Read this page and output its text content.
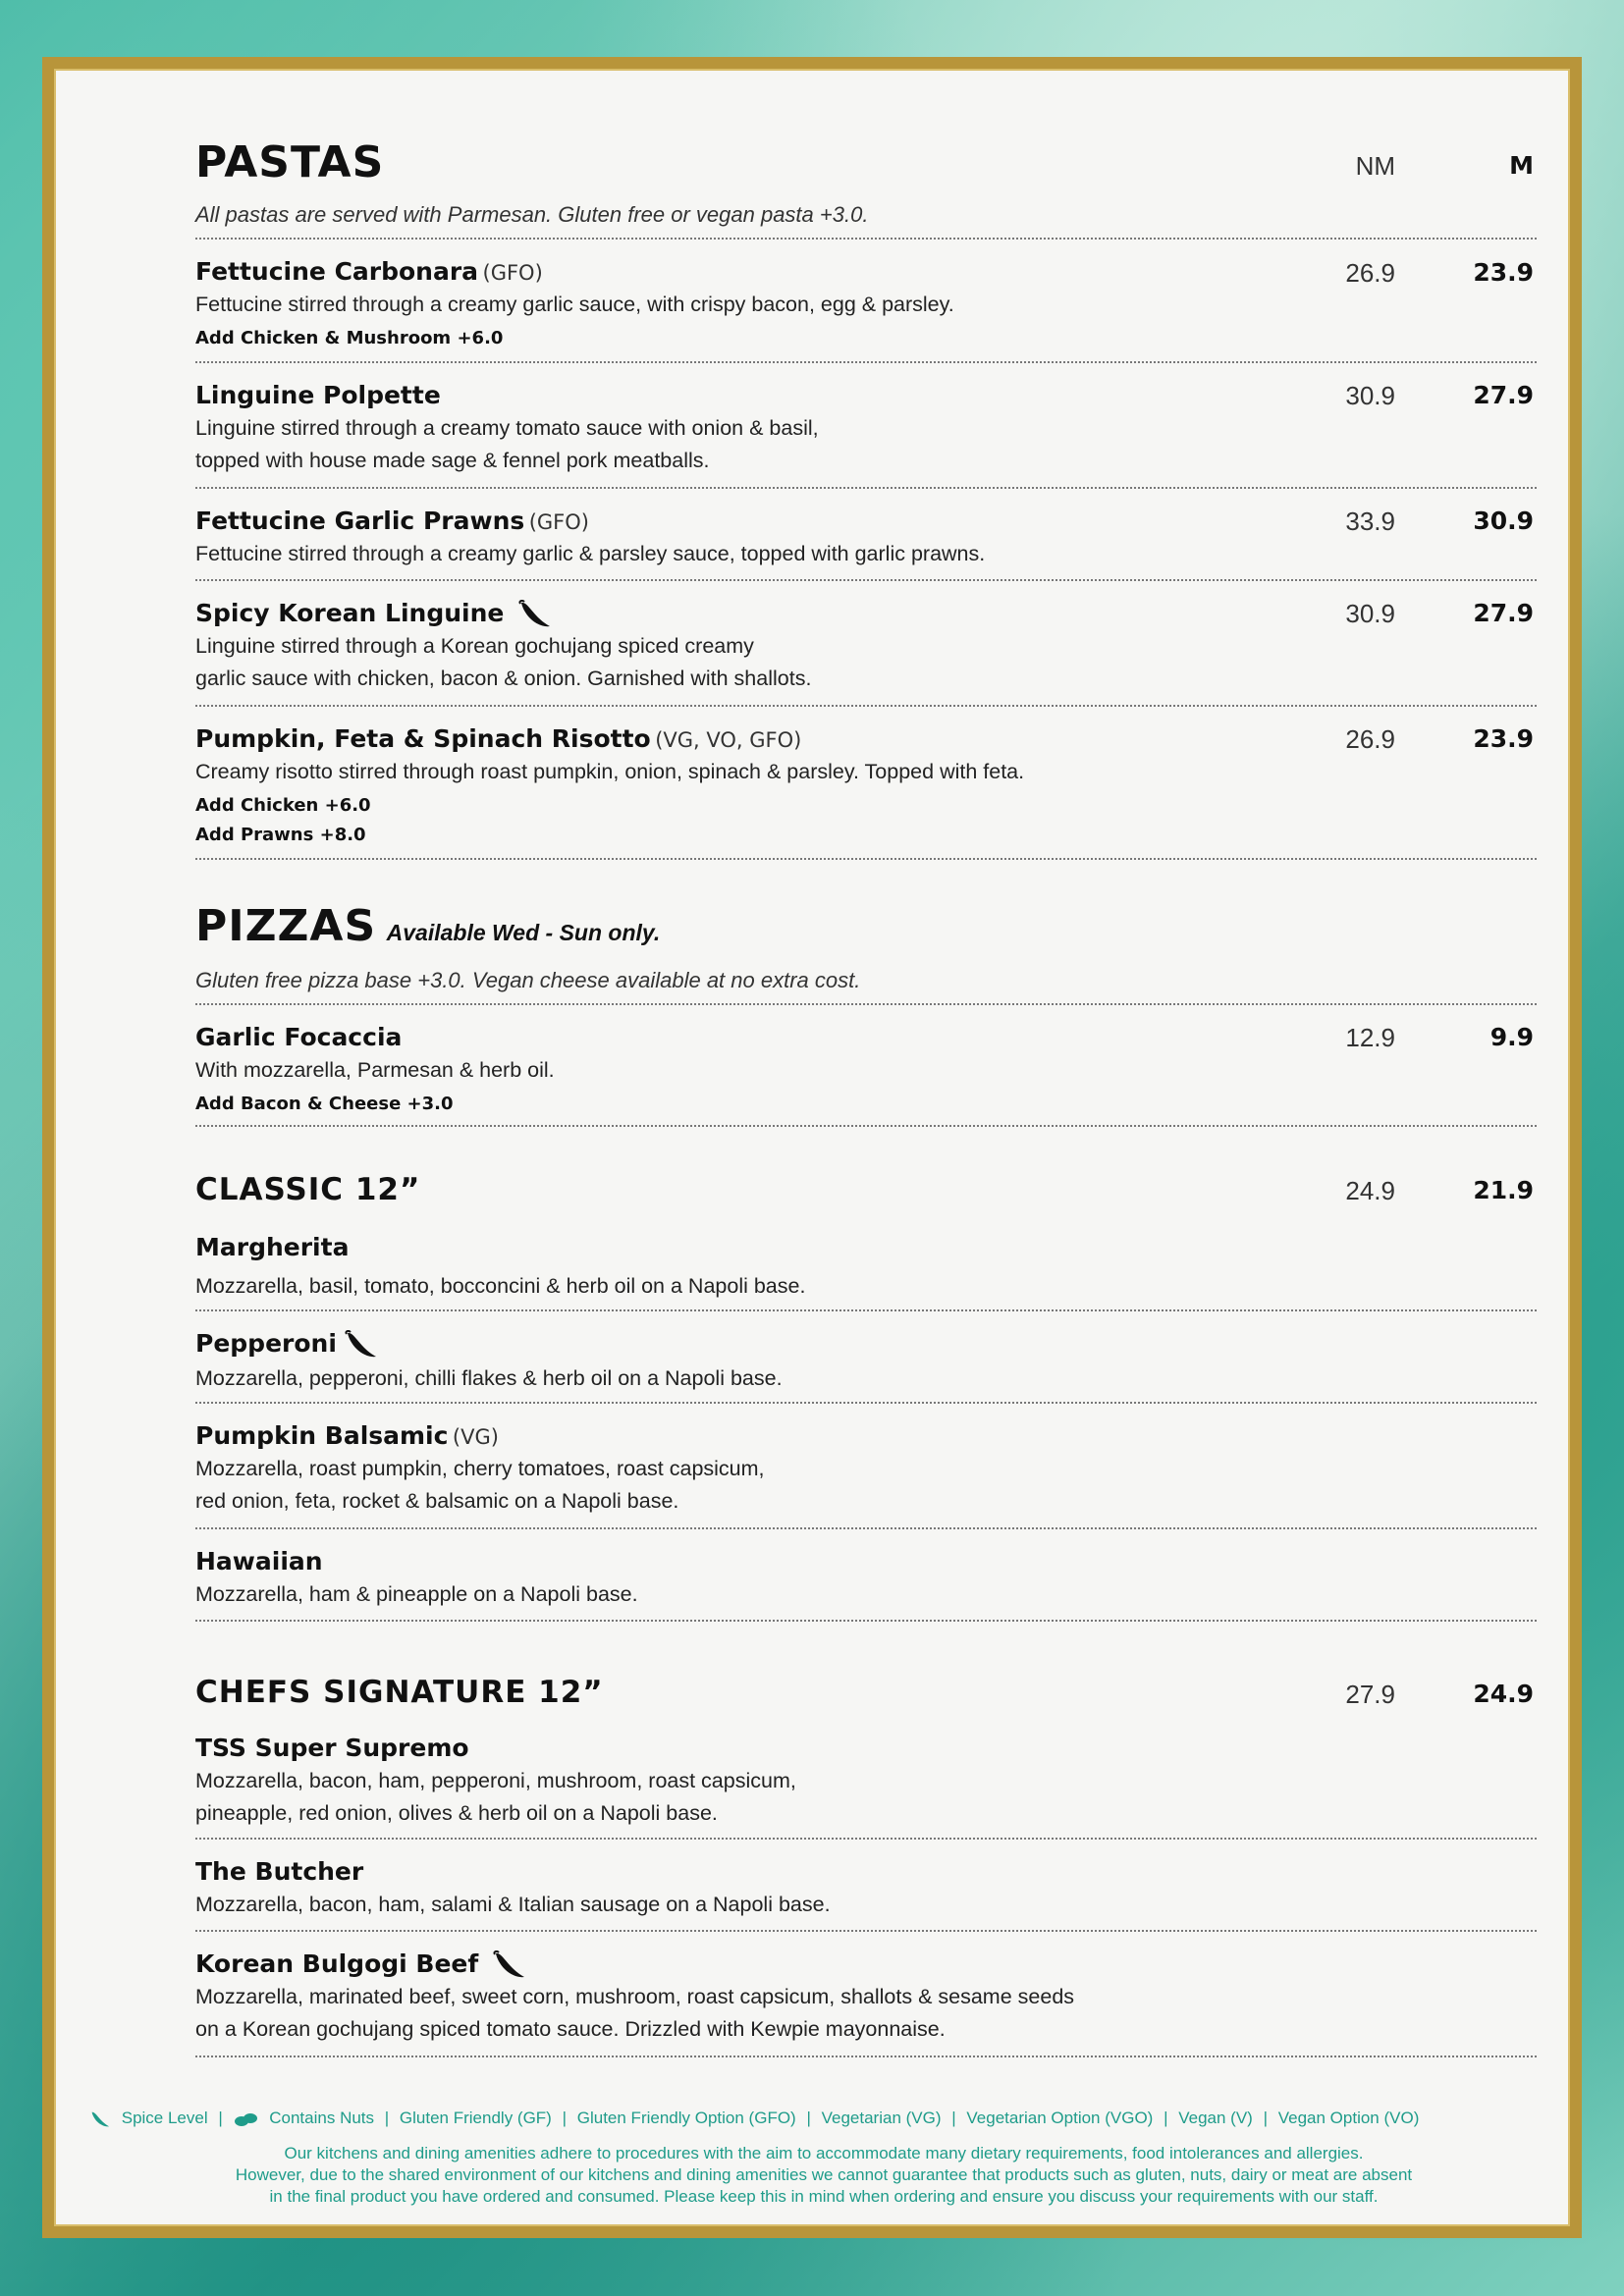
PASTAS	NM	M
All pastas are served with Parmesan. Gluten free or vegan pasta +3.0.
Fettucine Carbonara (GFO)	26.9	23.9
Fettucine stirred through a creamy garlic sauce, with crispy bacon, egg & parsley.
Add Chicken & Mushroom +6.0
Linguine Polpette	30.9	27.9
Linguine stirred through a creamy tomato sauce with onion & basil,
topped with house made sage & fennel pork meatballs.
Fettucine Garlic Prawns (GFO)	33.9	30.9
Fettucine stirred through a creamy garlic & parsley sauce, topped with garlic prawns.
Spicy Korean Linguine	30.9	27.9
Linguine stirred through a Korean gochujang spiced creamy
garlic sauce with chicken, bacon & onion. Garnished with shallots.
Pumpkin, Feta & Spinach Risotto (VG, VO, GFO)	26.9	23.9
Creamy risotto stirred through roast pumpkin, onion, spinach & parsley. Topped with feta.
Add Chicken +6.0
Add Prawns +8.0
PIZZAS Available Wed - Sun only.
Gluten free pizza base +3.0. Vegan cheese available at no extra cost.
Garlic Focaccia	12.9	9.9
With mozzarella, Parmesan & herb oil.
Add Bacon & Cheese +3.0
CLASSIC 12”	24.9	21.9
Margherita
Mozzarella, basil, tomato, bocconcini & herb oil on a Napoli base.
Pepperoni
Mozzarella, pepperoni, chilli flakes & herb oil on a Napoli base.
Pumpkin Balsamic (VG)
Mozzarella, roast pumpkin, cherry tomatoes, roast capsicum,
red onion, feta, rocket & balsamic on a Napoli base.
Hawaiian
Mozzarella, ham & pineapple on a Napoli base.
CHEFS SIGNATURE 12”	27.9	24.9
TSS Super Supremo
Mozzarella, bacon, ham, pepperoni, mushroom, roast capsicum,
pineapple, red onion, olives & herb oil on a Napoli base.
The Butcher
Mozzarella, bacon, ham, salami & Italian sausage on a Napoli base.
Korean Bulgogi Beef
Mozzarella, marinated beef, sweet corn, mushroom, roast capsicum, shallots & sesame seeds
on a Korean gochujang spiced tomato sauce. Drizzled with Kewpie mayonnaise.
Spice Level |	Contains Nuts | Gluten Friendly (GF) | Gluten Friendly Option (GFO) | Vegetarian (VG) | Vegetarian Option (VGO) | Vegan (V) | Vegan Option (VO)
Our kitchens and dining amenities adhere to procedures with the aim to accommodate many dietary requirements, food intolerances and allergies.
However, due to the shared environment of our kitchens and dining amenities we cannot guarantee that products such as gluten, nuts, dairy or meat are absent
in the final product you have ordered and consumed. Please keep this in mind when ordering and ensure you discuss your requirements with our staff.
